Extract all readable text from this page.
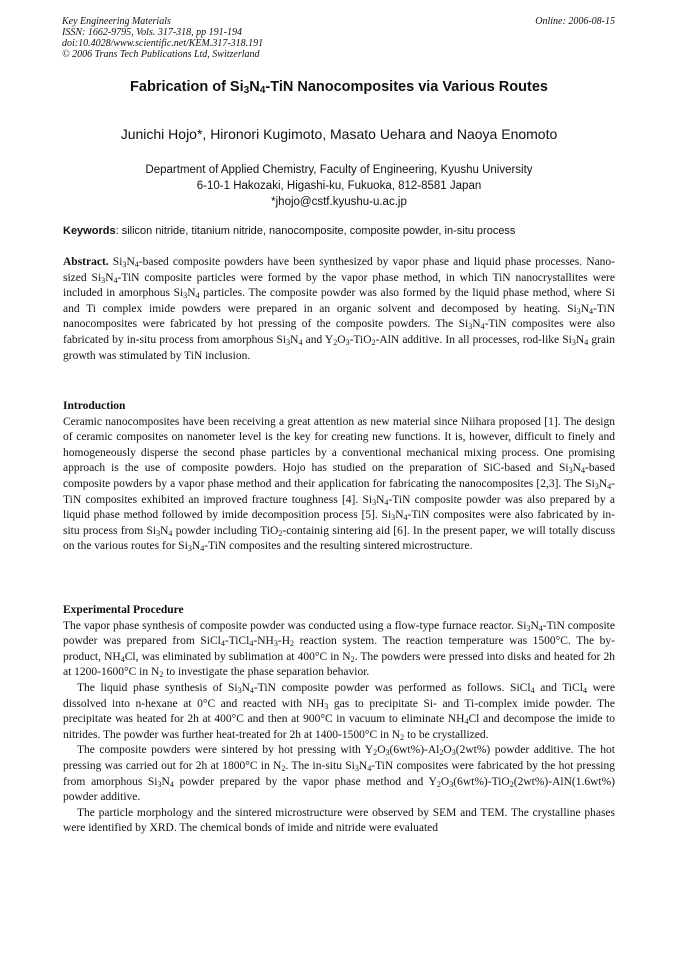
Key Engineering Materials
ISSN: 1662-9795, Vols. 317-318, pp 191-194
doi:10.4028/www.scientific.net/KEM.317-318.191
© 2006 Trans Tech Publications Ltd, Switzerland
Online: 2006-08-15
Fabrication of $Si_3N_4$-TiN Nanocomposites via Various Routes
Junichi Hojo*, Hironori Kugimoto, Masato Uehara and Naoya Enomoto
Department of Applied Chemistry, Faculty of Engineering, Kyushu University
6-10-1 Hakozaki, Higashi-ku, Fukuoka, 812-8581 Japan
*jhojo@cstf.kyushu-u.ac.jp
Keywords: silicon nitride, titanium nitride, nanocomposite, composite powder, in-situ process

Abstract. $Si_3N_4$-based composite powders have been synthesized by vapor phase and liquid phase processes. Nano-sized $Si_3N_4$-TiN composite particles were formed by the vapor phase method, in which TiN nanocrystallites were included in amorphous $Si_3N_4$ particles. The composite powder was also formed by the liquid phase method, where Si and Ti complex imide powders were prepared in an organic solvent and decomposed by heating. $Si_3N_4$-TiN nanocomposites were fabricated by hot pressing of the composite powders. The $Si_3N_4$-TiN composites were also fabricated by in-situ process from amorphous $Si_3N_4$ and $Y_2O_3-TiO_2$-AlN additive. In all processes, rod-like $Si_3N_4$ grain growth was stimulated by TiN inclusion.

Introduction

Ceramic nanocomposites have been receiving a great attention as new material since Niihara proposed [1]. The design of ceramic composites on nanometer level is the key for creating new functions. It is, however, difficult to finely and homogeneously disperse the second phase particles by a conventional mechanical mixing process. One promising approach is the use of composite powders. Hojo has studied on the preparation of SiC-based and $Si_3N_4$-based composite powders by a vapor phase method and their application for fabricating the nanocomposites [2,3]. The $Si_3N_4$-TiN composites exhibited an improved fracture toughness [4]. $Si_3N_4$-TiN composite powder was also prepared by a liquid phase method followed by imide decomposition process [5]. $Si_3N_4$-TiN composites were also fabricated by in-situ process from $Si_3N_4$ powder including TiO$_2$-containig sintering aid [6]. In the present paper, we will totally discuss on the various routes for $Si_3N_4$-TiN composites and the resulting sintered microstructure.

Experimental Procedure

The vapor phase synthesis of composite powder was conducted using a flow-type furnace reactor. $Si_3N_4$-TiN composite powder was prepared from $SiCl_4-TiCl_4-NH_3-H_2$ reaction system. The reaction temperature was 1500°C. The by-product, $NH_4Cl$, was eliminated by sublimation at 400°C in $N_2$. The powders were pressed into disks and heated for 2h at 1200-1600°C in $N_2$ to investigate the phase separation behavior.

The liquid phase synthesis of $Si_3N_4$-TiN composite powder was performed as follows. SiCl$_4$ and TiCl$_4$ were dissolved into n-hexane at 0°C and reacted with $NH_3$ gas to precipitate Si- and Ti-complex imide powder. The precipitate was heated for 2h at 400°C and then at 900°C in vacuum to eliminate $NH_4Cl$ and decompose the imide to nitrides. The powder was further heat-treated for 2h at 1400-1500°C in $N_2$ to be crystallized.

The composite powders were sintered by hot pressing with $Y_2O_3(6wt\%)-Al_2O_3(2wt\%)$ powder additive. The hot pressing was carried out for 2h at 1800°C in $N_2$. The in-situ $Si_3N_4$-TiN composites were fabricated by the hot pressing from amorphous $Si_3N_4$ powder prepared by the vapor phase method and $Y_2O_3(6wt\%)-TiO_2(2wt\%)-AlN(1.6wt\%)$ powder additive.

The particle morphology and the sintered microstructure were observed by SEM and TEM. The crystalline phases were identified by XRD. The chemical bonds of imide and nitride were evaluated
